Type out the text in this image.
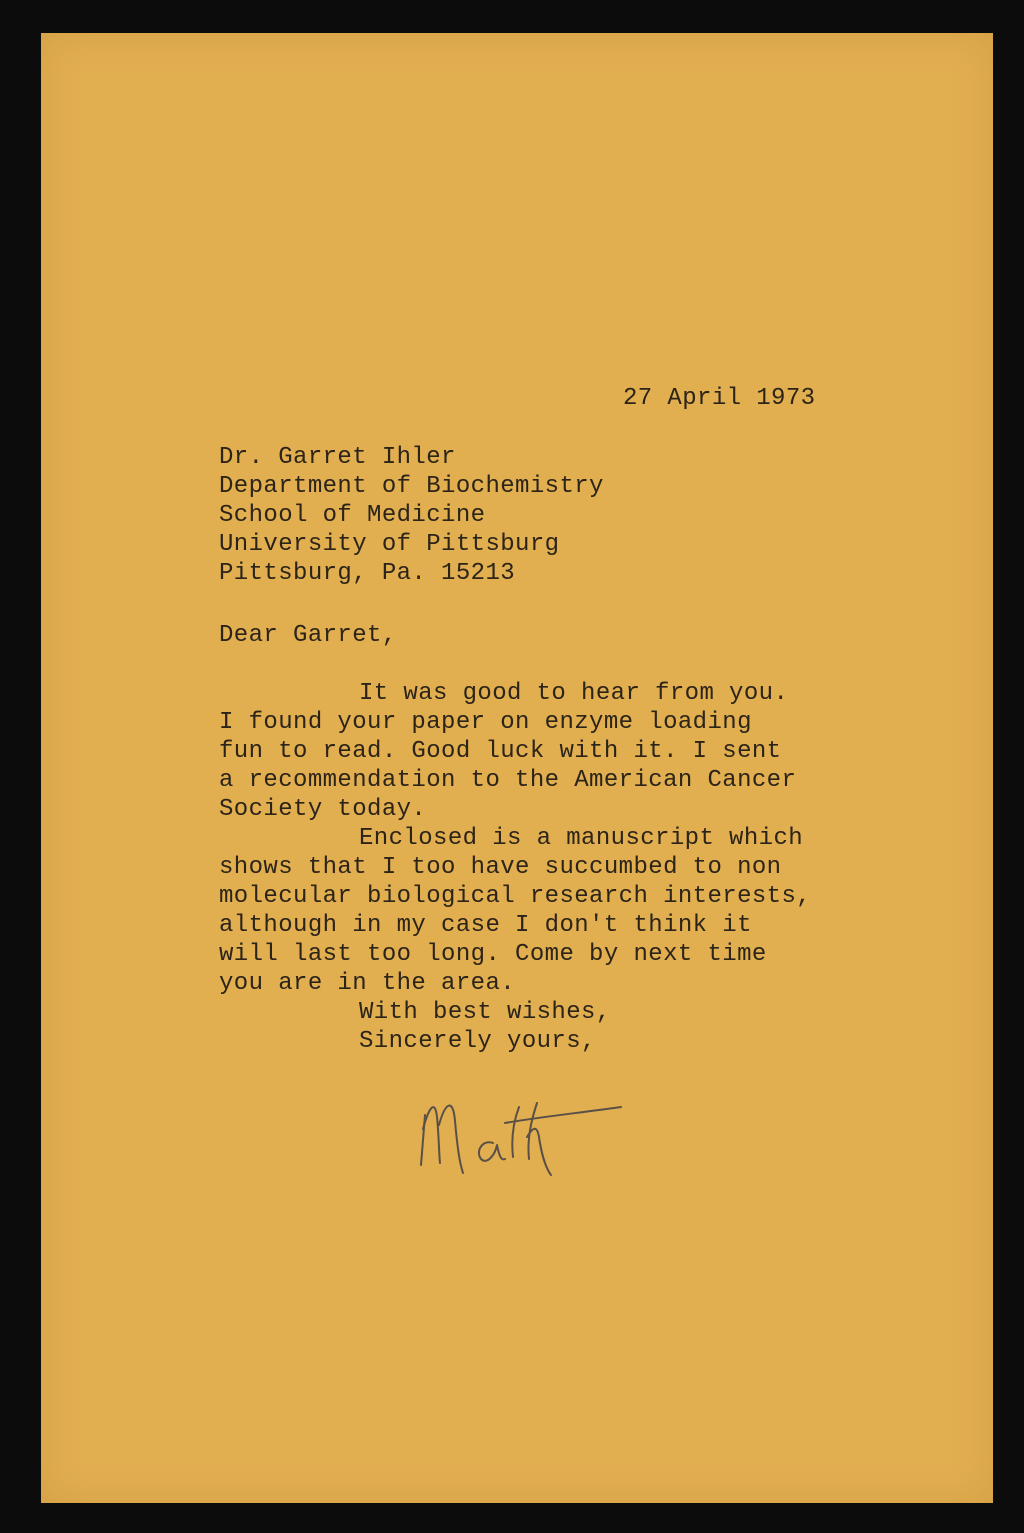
27 April 1973

Dr. Garret Ihler
Department of Biochemistry
School of Medicine
University of Pittsburg
Pittsburg, Pa. 15213
Dear Garret,
It was good to hear from you.
I found your paper on enzyme loading
fun to read. Good luck with it. I sent
a recommendation to the American Cancer
Society today.
Enclosed is a manuscript which
shows that I too have succumbed to non
molecular biological research interests,
although in my case I don't think it
will last too long. Come by next time
you are in the area.
With best wishes,
Sincerely yours,
